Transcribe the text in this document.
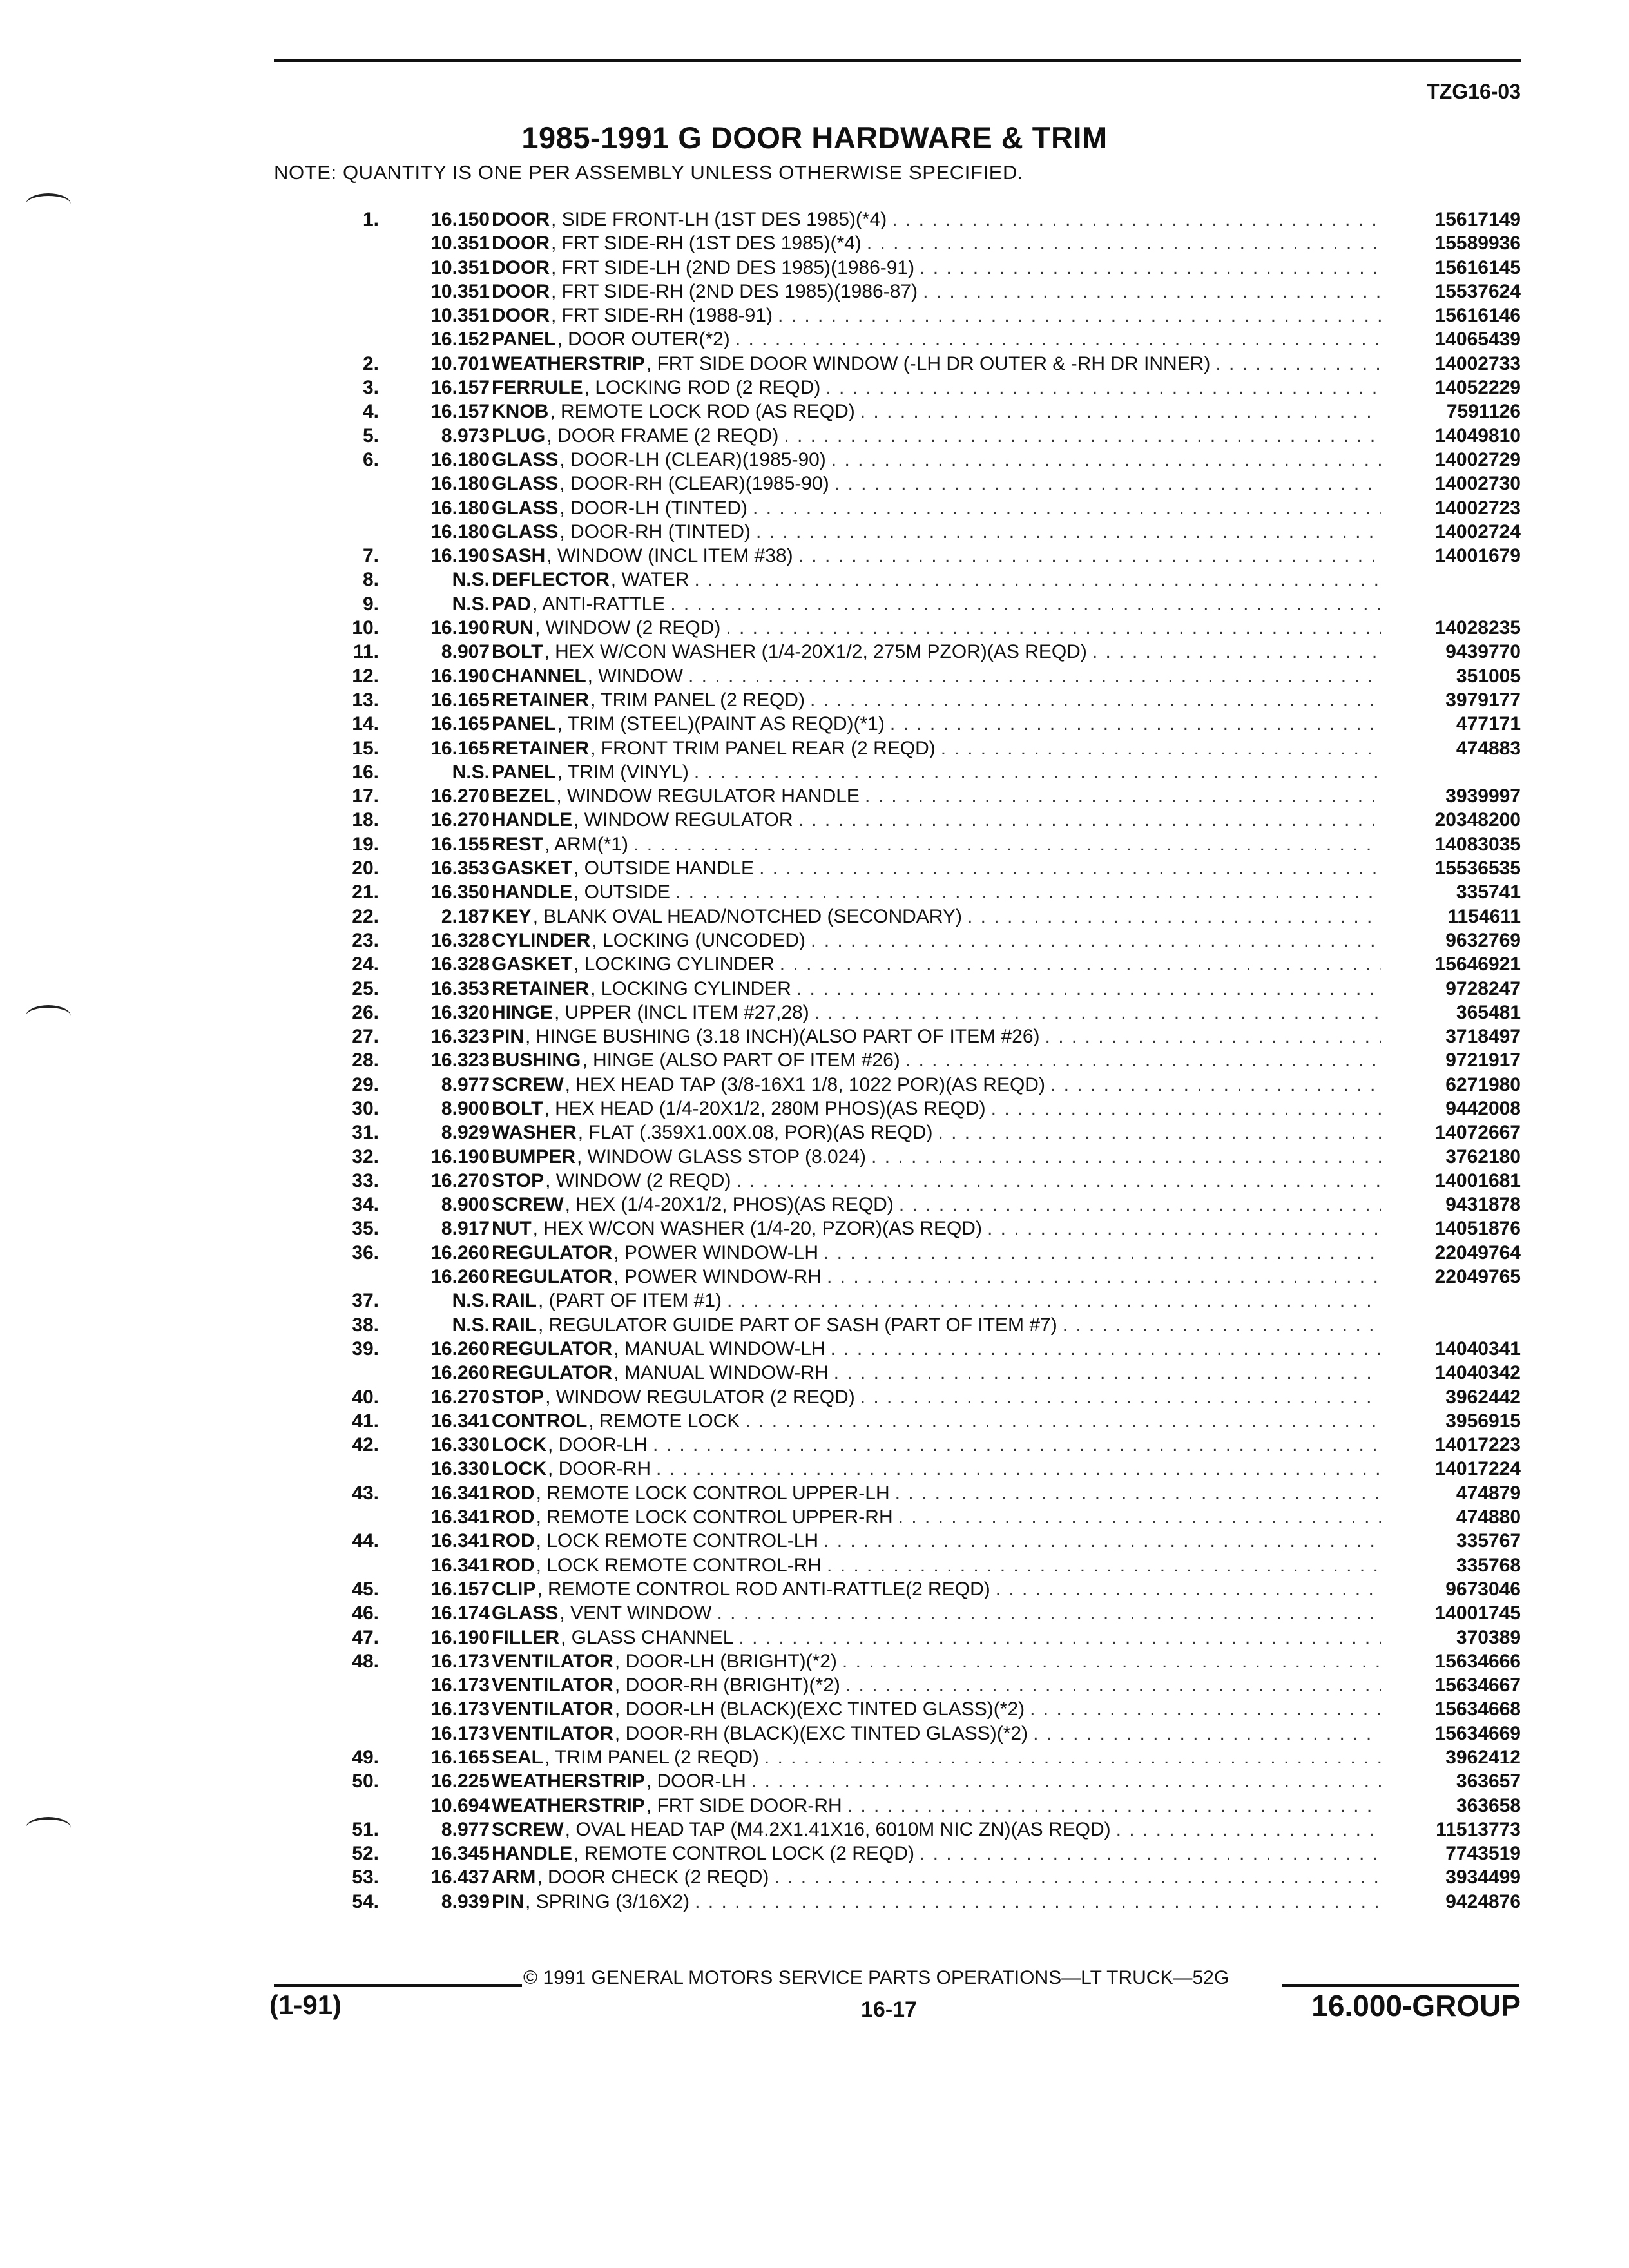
TZG16-03
1985-1991 G DOOR HARDWARE & TRIM
NOTE: QUANTITY IS ONE PER ASSEMBLY UNLESS OTHERWISE SPECIFIED.
1.	16.150 DOOR , SIDE FRONT-LH (1ST DES 1985)(*4) . . .	15617149
10.351 DOOR , FRT SIDE-RH (1ST DES 1985)(*4) . . .	15589936
10.351 DOOR , FRT SIDE-LH (2ND DES 1985)(1986-91) . . .	15616145
10.351 DOOR , FRT SIDE-RH (2ND DES 1985)(1986-87) . . .	15537624
10.351 DOOR , FRT SIDE-RH (1988-91) . . .	15616146
16.152 PANEL , DOOR OUTER(*2) . . .	14065439
2.	10.701 WEATHERSTRIP , FRT SIDE DOOR WINDOW (-LH DR OUTER & -RH DR INNER) . . .	14002733
3.	16.157 FERRULE , LOCKING ROD (2 REQD) . . .	14052229
4.	16.157 KNOB , REMOTE LOCK ROD (AS REQD) . . .	7591126
5.	8.973 PLUG , DOOR FRAME (2 REQD) . . .	14049810
6.	16.180 GLASS , DOOR-LH (CLEAR)(1985-90) . . .	14002729
16.180 GLASS , DOOR-RH (CLEAR)(1985-90) . . .	14002730
16.180 GLASS , DOOR-LH (TINTED) . . .	14002723
16.180 GLASS , DOOR-RH (TINTED) . . .	14002724
7.	16.190 SASH , WINDOW (INCL ITEM #38) . . .	14001679
8.	N.S. DEFLECTOR , WATER
. . .
9.	N.S. PAD , ANTI-RATTLE
. . .
10.	16.190 RUN , WINDOW (2 REQD) . . .	14028235
11.	8.907 BOLT , HEX W/CON WASHER (1/4-20X1/2, 275M PZOR)(AS REQD) . . .	9439770
12.	16.190 CHANNEL , WINDOW . . .	351005
13.	16.165 RETAINER , TRIM PANEL (2 REQD) . . .	3979177
14.	16.165 PANEL , TRIM (STEEL)(PAINT AS REQD)(*1) . . .	477171
15.	16.165 RETAINER , FRONT TRIM PANEL REAR (2 REQD) . . .	474883
16.	N.S. PANEL , TRIM (VINYL)
. . .
17.	16.270 BEZEL , WINDOW REGULATOR HANDLE . . .	3939997
18.	16.270 HANDLE , WINDOW REGULATOR . . .	20348200
19.	16.155 REST , ARM(*1) . . .	14083035
20.	16.353 GASKET , OUTSIDE HANDLE . . .	15536535
21.	16.350 HANDLE , OUTSIDE . . .	335741
22.	2.187 KEY , BLANK OVAL HEAD/NOTCHED (SECONDARY) . . .	1154611
23.	16.328 CYLINDER , LOCKING (UNCODED) . . .	9632769
24.	16.328 GASKET , LOCKING CYLINDER . . .	15646921
25.	16.353 RETAINER , LOCKING CYLINDER . . .	9728247
26.	16.320 HINGE , UPPER (INCL ITEM #27,28) . . .	365481
27.	16.323 PIN , HINGE BUSHING (3.18 INCH)(ALSO PART OF ITEM #26) . . .	3718497
28.	16.323 BUSHING , HINGE (ALSO PART OF ITEM #26) . . .	9721917
29.	8.977 SCREW , HEX HEAD TAP (3/8-16X1 1/8, 1022 POR)(AS REQD) . . .	6271980
30.	8.900 BOLT , HEX HEAD (1/4-20X1/2, 280M PHOS)(AS REQD) . . .	9442008
31.	8.929 WASHER , FLAT (.359X1.00X.08, POR)(AS REQD) . . .	14072667
32.	16.190 BUMPER , WINDOW GLASS STOP (8.024) . . .	3762180
33.	16.270 STOP , WINDOW (2 REQD) . . .	14001681
34.	8.900 SCREW , HEX (1/4-20X1/2, PHOS)(AS REQD) . . .	9431878
35.	8.917 NUT , HEX W/CON WASHER (1/4-20, PZOR)(AS REQD) . . .	14051876
36.	16.260 REGULATOR , POWER WINDOW-LH . . .	22049764
16.260 REGULATOR , POWER WINDOW-RH . . .	22049765
37.	N.S. RAIL , (PART OF ITEM #1)
. . .
38.	N.S. RAIL , REGULATOR GUIDE PART OF SASH (PART OF ITEM #7)
. . .
39.	16.260 REGULATOR , MANUAL WINDOW-LH . . .	14040341
16.260 REGULATOR , MANUAL WINDOW-RH . . .	14040342
40.	16.270 STOP , WINDOW REGULATOR (2 REQD) . . .	3962442
41.	16.341 CONTROL , REMOTE LOCK . . .	3956915
42.	16.330 LOCK , DOOR-LH . . .	14017223
16.330 LOCK , DOOR-RH . . .	14017224
43.	16.341 ROD , REMOTE LOCK CONTROL UPPER-LH . . .	474879
16.341 ROD , REMOTE LOCK CONTROL UPPER-RH . . .	474880
44.	16.341 ROD , LOCK REMOTE CONTROL-LH . . .	335767
16.341 ROD , LOCK REMOTE CONTROL-RH . . .	335768
45.	16.157 CLIP , REMOTE CONTROL ROD ANTI-RATTLE(2 REQD) . . .	9673046
46.	16.174 GLASS , VENT WINDOW . . .	14001745
47.	16.190 FILLER , GLASS CHANNEL . . .	370389
48.	16.173 VENTILATOR , DOOR-LH (BRIGHT)(*2) . . .	15634666
16.173 VENTILATOR , DOOR-RH (BRIGHT)(*2) . . .	15634667
16.173 VENTILATOR , DOOR-LH (BLACK)(EXC TINTED GLASS)(*2) . . .	15634668
16.173 VENTILATOR , DOOR-RH (BLACK)(EXC TINTED GLASS)(*2) . . .	15634669
49.	16.165 SEAL , TRIM PANEL (2 REQD) . . .	3962412
50.	16.225 WEATHERSTRIP , DOOR-LH . . .	363657
10.694 WEATHERSTRIP , FRT SIDE DOOR-RH . . .	363658
51.	8.977 SCREW , OVAL HEAD TAP (M4.2X1.41X16, 6010M NIC ZN)(AS REQD) . . .	11513773
52.	16.345 HANDLE , REMOTE CONTROL LOCK (2 REQD) . . .	7743519
53.	16.437 ARM , DOOR CHECK (2 REQD) . . .	3934499
54.	8.939 PIN , SPRING (3/16X2) . . .	9424876
© 1991 GENERAL MOTORS SERVICE PARTS OPERATIONS—LT TRUCK—52G
(1-91)	16-17	16.000-GROUP
